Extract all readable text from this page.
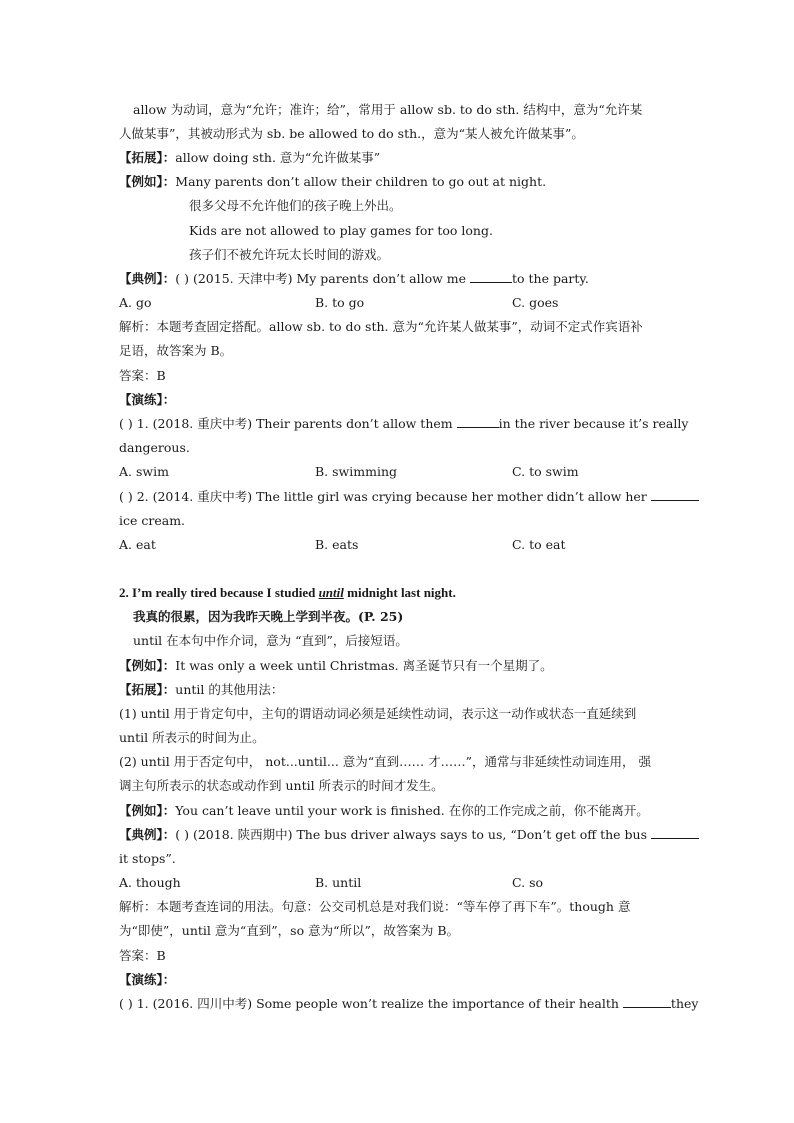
allow 为动词，意为“允许；准许；给”，常用于 allow sb. to do sth. 结构中，意为“允许某
人做某事”，其被动形式为 sb. be allowed to do sth.，意为“某人被允许做某事”。
【拓展】：allow doing sth. 意为“允许做某事”
【例如】：Many parents don’t allow their children to go out at night.
很多父母不允许他们的孩子晚上外出。
Kids are not allowed to play games for too long.
孩子们不被允许玩太长时间的游戏。
【典例】：( ) (2015. 天津中考) My parents don’t allow me	to the party.
A. go	B. to go	C. goes
解析：本题考查固定搭配。allow sb. to do sth. 意为“允许某人做某事”，动词不定式作宾语补
足语，故答案为 B。
答案：B
【演练】：
( ) 1. (2018. 重庆中考) Their parents don’t allow them	in the river because it’s really
dangerous.
A. swim	B. swimming	C. to swim
( ) 2. (2014. 重庆中考) The little girl was crying because her mother didn’t allow her
ice cream.
A. eat	B. eats	C. to eat
2. I’m really tired because I studied until midnight last night.
我真的很累，因为我昨天晚上学到半夜。(P. 25)
until 在本句中作介词，意为 “直到”，后接短语。
【例如】：It was only a week until Christmas. 离圣诞节只有一个星期了。
【拓展】：until 的其他用法：
(1) until 用于肯定句中，主句的谓语动词必须是延续性动词，表示这一动作或状态一直延续到
until 所表示的时间为止。
(2) until 用于否定句中， not...until... 意为“直到…… 才……”，通常与非延续性动词连用， 强
调主句所表示的状态或动作到 until 所表示的时间才发生。
【例如】：You can’t leave until your work is finished. 在你的工作完成之前，你不能离开。
【典例】：( ) (2018. 陕西期中) The bus driver always says to us, “Don’t get off the bus
it stops”.
A. though	B. until	C. so
解析：本题考查连词的用法。句意：公交司机总是对我们说：“等车停了再下车”。though 意
为“即使”，until 意为“直到”，so 意为“所以”，故答案为 B。
答案：B
【演练】：
( ) 1. (2016. 四川中考) Some people won’t realize the importance of their health	they
